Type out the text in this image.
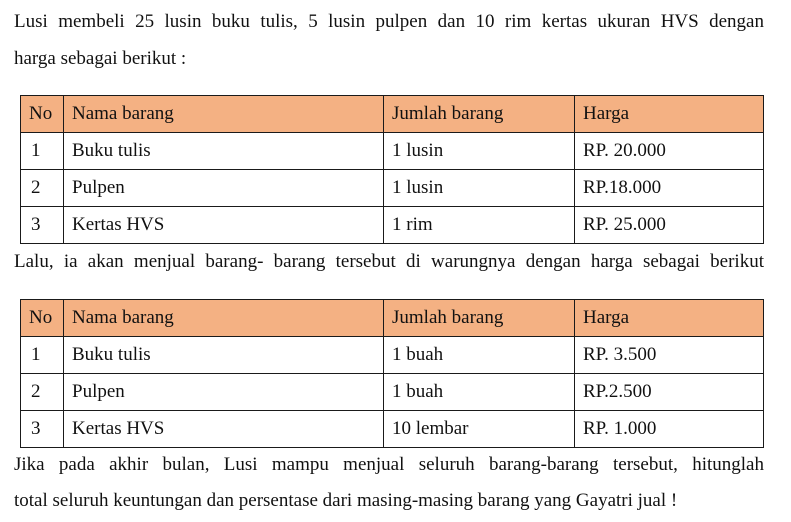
Lusi membeli 25 lusin buku tulis, 5 lusin pulpen dan 10 rim kertas ukuran HVS dengan

harga sebagai berikut :

No	Nama barang	Jumlah barang	Harga
1	Buku tulis	1 lusin	RP. 20.000
2	Pulpen	1 lusin	RP.18.000
3	Kertas HVS	1 rim	RP. 25.000

Lalu, ia akan menjual barang- barang tersebut di warungnya dengan harga sebagai berikut

No	Nama barang	Jumlah barang	Harga
1	Buku tulis	1 buah	RP. 3.500
2	Pulpen	1 buah	RP.2.500
3	Kertas HVS	10 lembar	RP. 1.000

Jika pada akhir bulan, Lusi mampu menjual seluruh barang-barang tersebut, hitunglah

total seluruh keuntungan dan persentase dari masing-masing barang yang Gayatri jual !
